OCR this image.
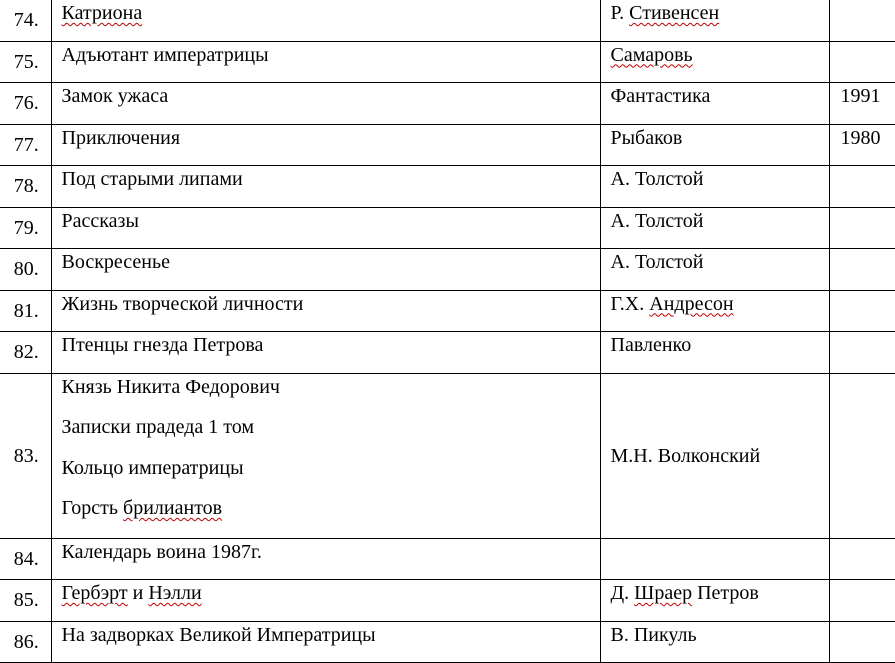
74.	Катриона	Р. Стивенсен	
75.	Адъютант императрицы	Самаровь	
76.	Замок ужаса	Фантастика	1991
77.	Приключения	Рыбаков	1980
78.	Под старыми липами	А. Толстой	
79.	Рассказы	А. Толстой	
80.	Воскресенье	А. Толстой	
81.	Жизнь творческой личности	Г.Х. Андресон	
82.	Птенцы гнезда Петрова	Павленко	
83.	Князь Никита Федорович
Записки прадеда 1 том
Кольцо императрицы
Горсть брилиантов	М.Н. Волконский	
84.	Календарь воина 1987г.		
85.	Гербэрт и Нэлли	Д. Шраер Петров	
86.	На задворках Великой Императрицы	В. Пикуль	
